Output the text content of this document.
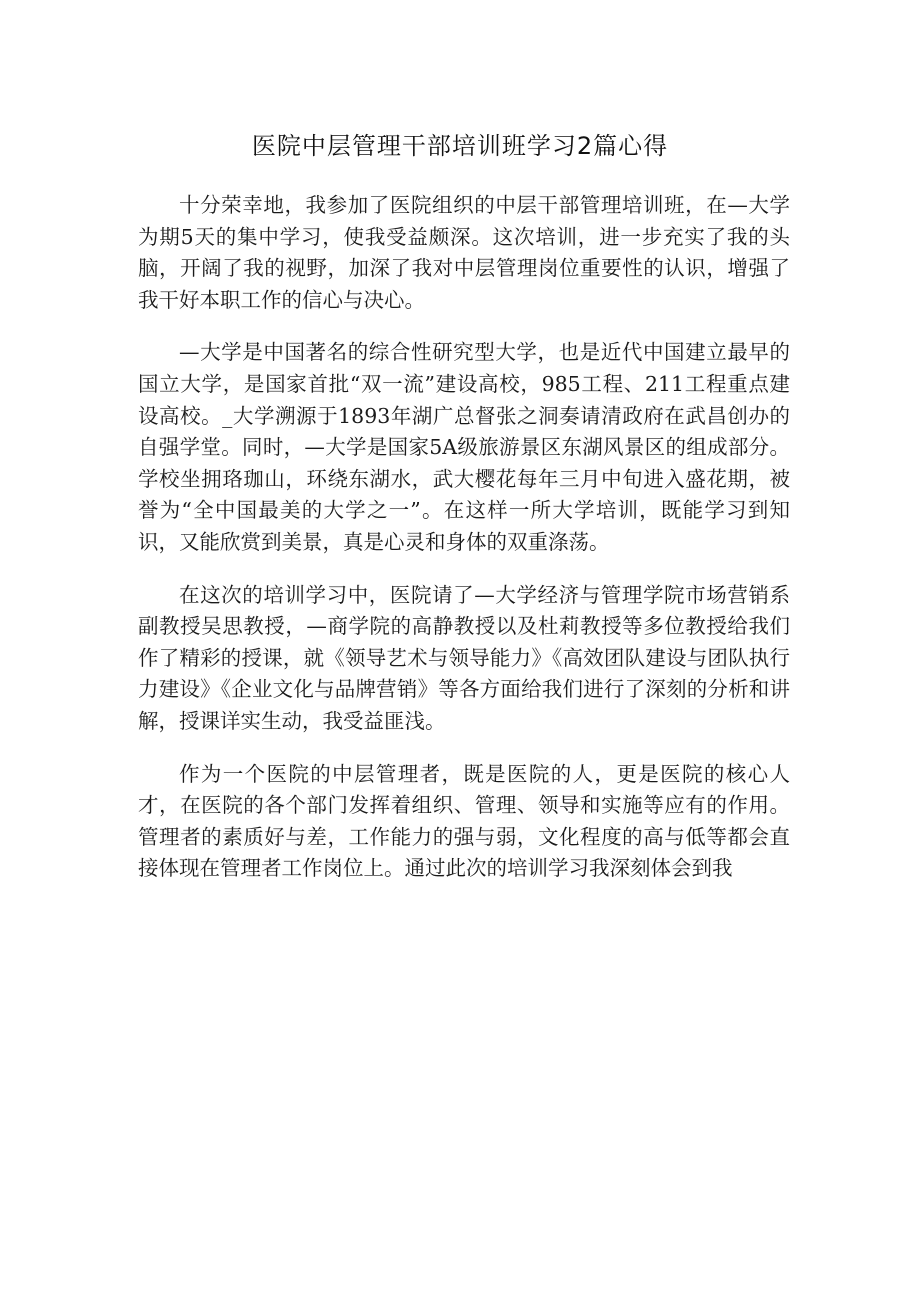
医院中层管理干部培训班学习2篇心得

十分荣幸地，我参加了医院组织的中层干部管理培训班，在—大学为期5天的集中学习，使我受益颇深。这次培训，进一步充实了我的头脑，开阔了我的视野，加深了我对中层管理岗位重要性的认识，增强了我干好本职工作的信心与决心。

—大学是中国著名的综合性研究型大学，也是近代中国建立最早的国立大学，是国家首批“双一流”建设高校，985工程、211工程重点建设高校。_大学溯源于1893年湖广总督张之洞奏请清政府在武昌创办的自强学堂。同时，—大学是国家5A级旅游景区东湖风景区的组成部分。学校坐拥珞珈山，环绕东湖水，武大樱花每年三月中旬进入盛花期，被誉为“全中国最美的大学之一”。在这样一所大学培训，既能学习到知识，又能欣赏到美景，真是心灵和身体的双重涤荡。

在这次的培训学习中，医院请了—大学经济与管理学院市场营销系副教授吴思教授，—商学院的高静教授以及杜莉教授等多位教授给我们作了精彩的授课，就《领导艺术与领导能力》《高效团队建设与团队执行力建设》《企业文化与品牌营销》等各方面给我们进行了深刻的分析和讲解，授课详实生动，我受益匪浅。

作为一个医院的中层管理者，既是医院的人，更是医院的核心人才，在医院的各个部门发挥着组织、管理、领导和实施等应有的作用。管理者的素质好与差，工作能力的强与弱，文化程度的高与低等都会直接体现在管理者工作岗位上。通过此次的培训学习我深刻体会到我
